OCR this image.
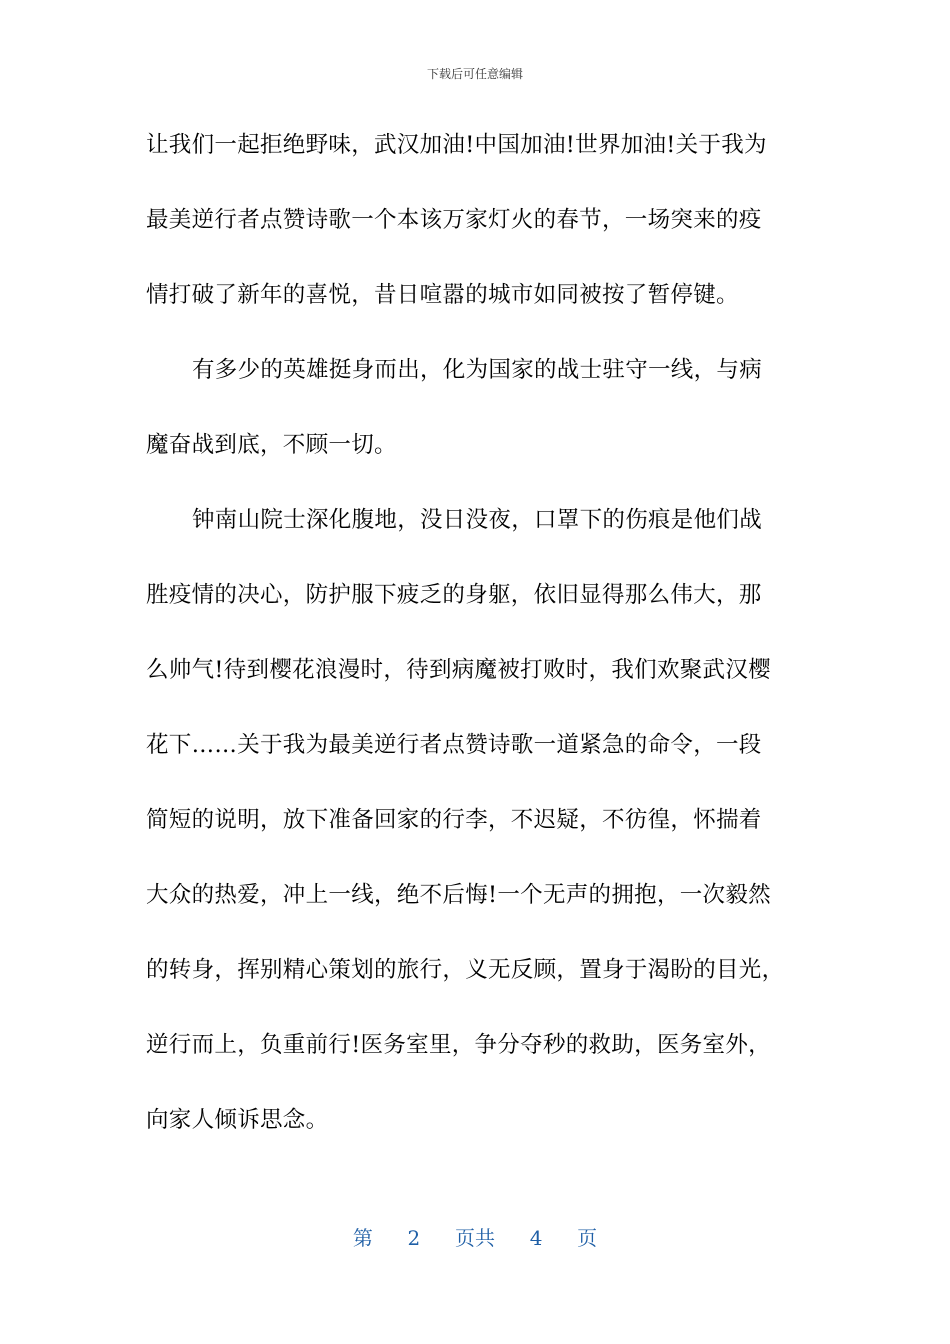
下载后可任意编辑
让我们一起拒绝野味，武汉加油!中国加油!世界加油!关于我为
最美逆行者点赞诗歌一个本该万家灯火的春节，一场突来的疫
情打破了新年的喜悦，昔日喧嚣的城市如同被按了暂停键。
有多少的英雄挺身而出，化为国家的战士驻守一线，与病
魔奋战到底，不顾一切。
钟南山院士深化腹地，没日没夜，口罩下的伤痕是他们战
胜疫情的决心，防护服下疲乏的身躯，依旧显得那么伟大，那
么帅气!待到樱花浪漫时，待到病魔被打败时，我们欢聚武汉樱
花下……关于我为最美逆行者点赞诗歌一道紧急的命令，一段
简短的说明，放下准备回家的行李，不迟疑，不彷徨，怀揣着
大众的热爱，冲上一线，绝不后悔!一个无声的拥抱，一次毅然
的转身，挥别精心策划的旅行，义无反顾，置身于渴盼的目光，
逆行而上，负重前行!医务室里，争分夺秒的救助，医务室外，
向家人倾诉思念。
第 2 页共 4 页
